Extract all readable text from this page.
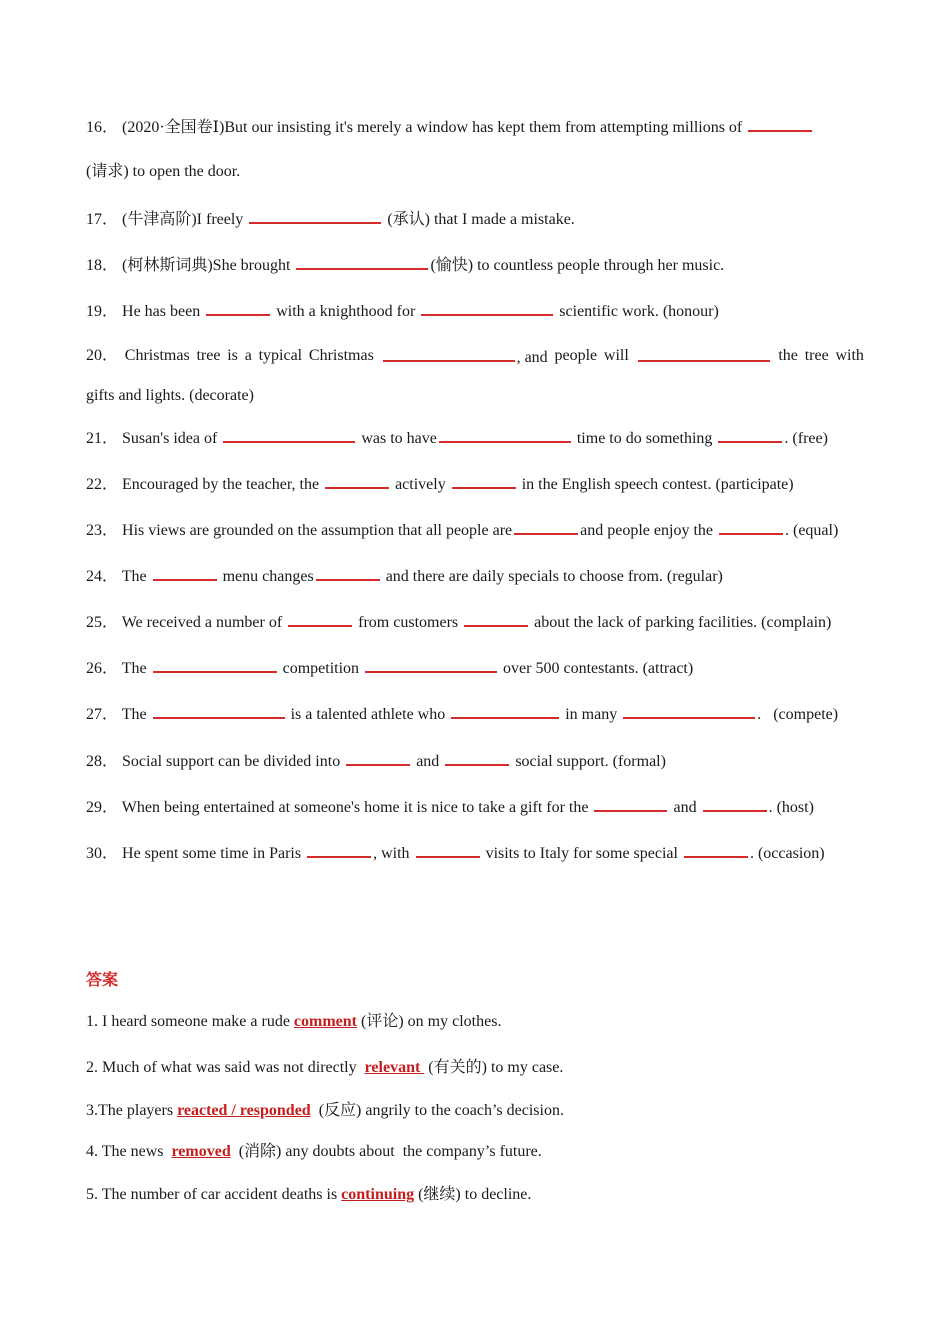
16． (2020·全国卷Ⅰ)But our insisting it's merely a window has kept them from attempting millions of
(请求) to open the door.
17． (牛津高阶)I freely	(承认) that I made a mistake.
18． (柯林斯词典)She brought	(愉快) to countless people through her music.
19． He has been	with a knighthood for	scientific work. (honour)
20． Christmas tree is a typical Christmas	, and people will	the tree with
gifts and lights. (decorate)
21． Susan's idea of	was to have	time to do something	. (free)
22． Encouraged by the teacher, the	actively	in the English speech contest. (participate)
23． His views are grounded on the assumption that all people are	and people enjoy the	. (equal)
24． The	menu changes	and there are daily specials to choose from. (regular)
25． We received a number of	from customers	about the lack of parking facilities. (complain)
26． The	competition	over 500 contestants. (attract)
27． The	is a talented athlete who	in many	.   (compete)
28． Social support can be divided into	and	social support. (formal)
29． When being entertained at someone's home it is nice to take a gift for the	and	. (host)
30． He spent some time in Paris	, with	visits to Italy for some special	. (occasion)
答案
1. I heard someone make a rude comment (评论) on my clothes.
2. Much of what was said was not directly  relevant  (有关的) to my case.
3.The players reacted / responded  (反应) angrily to the coach’s decision.
4. The news  removed  (消除) any doubts about  the company’s future.
5. The number of car accident deaths is continuing (继续) to decline.
